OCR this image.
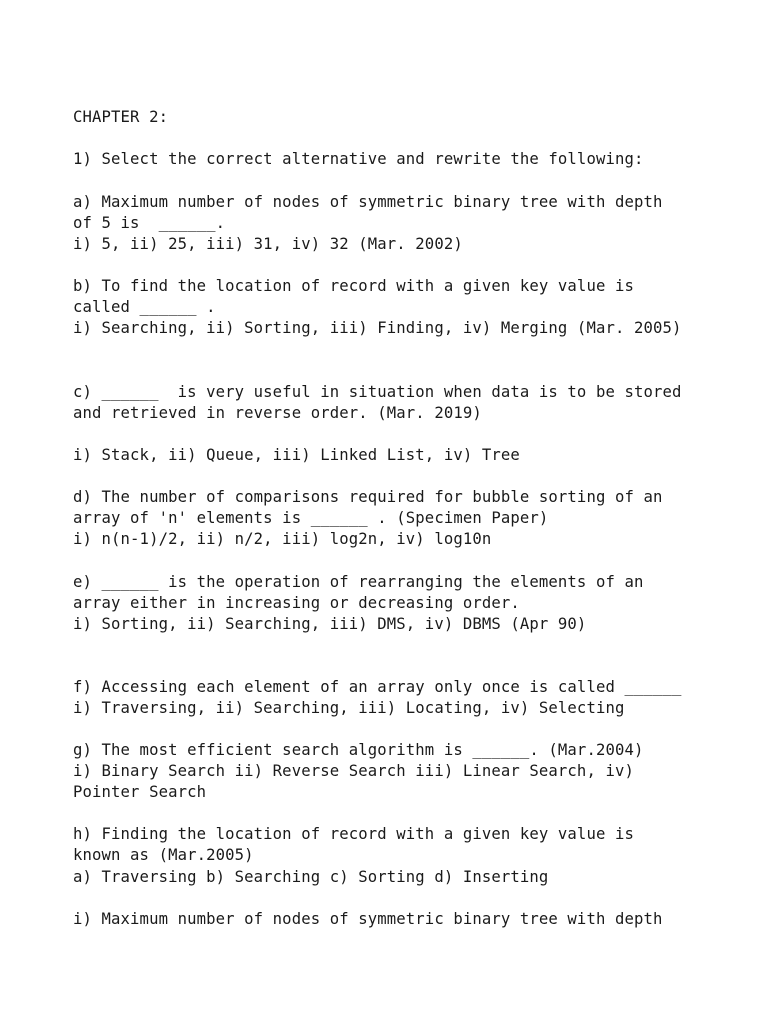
CHAPTER 2:

1) Select the correct alternative and rewrite the following:

a) Maximum number of nodes of symmetric binary tree with depth

of 5 is  ______.

i) 5, ii) 25, iii) 31, iv) 32 (Mar. 2002)

b) To find the location of record with a given key value is

called ______ .

i) Searching, ii) Sorting, iii) Finding, iv) Merging (Mar. 2005)

c) ______  is very useful in situation when data is to be stored

and retrieved in reverse order. (Mar. 2019)

i) Stack, ii) Queue, iii) Linked List, iv) Tree

d) The number of comparisons required for bubble sorting of an

array of 'n' elements is ______ . (Specimen Paper)

i) n(n-1)/2, ii) n/2, iii) log2n, iv) log10n

e) ______ is the operation of rearranging the elements of an

array either in increasing or decreasing order.

i) Sorting, ii) Searching, iii) DMS, iv) DBMS (Apr 90)

f) Accessing each element of an array only once is called ______

i) Traversing, ii) Searching, iii) Locating, iv) Selecting

g) The most efficient search algorithm is ______. (Mar.2004)

i) Binary Search ii) Reverse Search iii) Linear Search, iv)

Pointer Search

h) Finding the location of record with a given key value is

known as (Mar.2005)

a) Traversing b) Searching c) Sorting d) Inserting

i) Maximum number of nodes of symmetric binary tree with depth
